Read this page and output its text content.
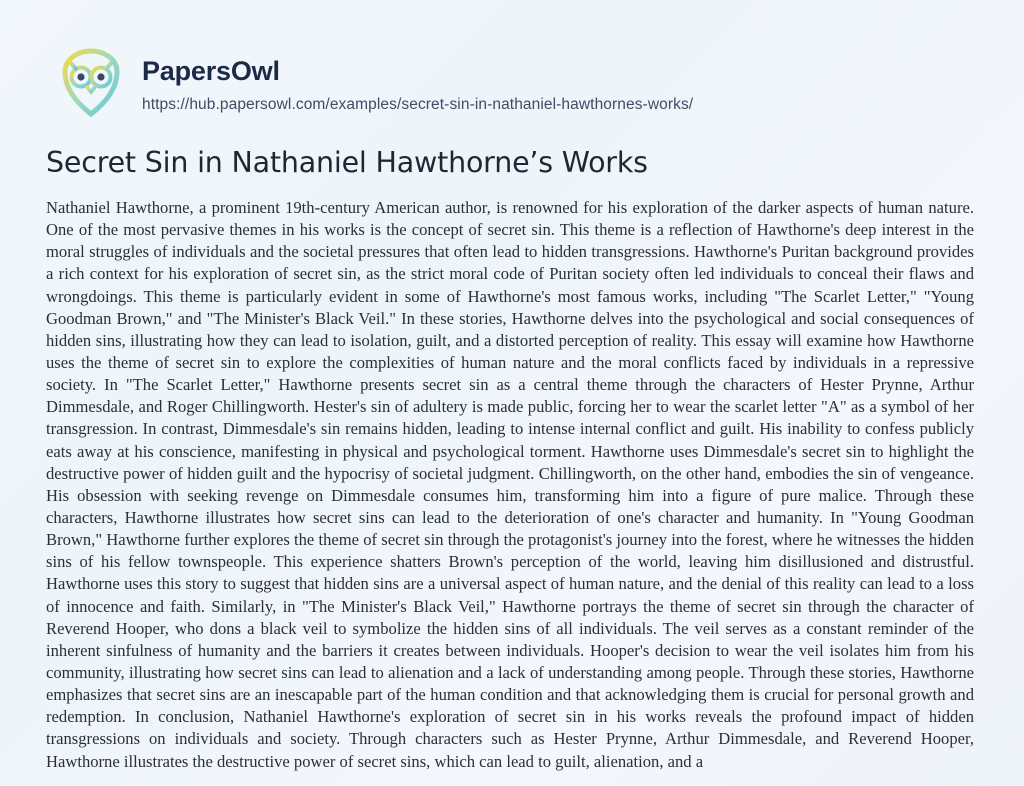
PapersOwl
https://hub.papersowl.com/examples/secret-sin-in-nathaniel-hawthornes-works/
Secret Sin in Nathaniel Hawthorne’s Works

Nathaniel Hawthorne, a prominent 19th-century American author, is renowned for his exploration of the darker aspects of human nature. One of the most pervasive themes in his works is the concept of secret sin. This theme is a reflection of Hawthorne's deep interest in the moral struggles of individuals and the societal pressures that often lead to hidden transgressions. Hawthorne's Puritan background provides a rich context for his exploration of secret sin, as the strict moral code of Puritan society often led individuals to conceal their flaws and wrongdoings. This theme is particularly evident in some of Hawthorne's most famous works, including "The Scarlet Letter," "Young Goodman Brown," and "The Minister's Black Veil." In these stories, Hawthorne delves into the psychological and social consequences of hidden sins, illustrating how they can lead to isolation, guilt, and a distorted perception of reality. This essay will examine how Hawthorne uses the theme of secret sin to explore the complexities of human nature and the moral conflicts faced by individuals in a repressive society. In "The Scarlet Letter," Hawthorne presents secret sin as a central theme through the characters of Hester Prynne, Arthur Dimmesdale, and Roger Chillingworth. Hester's sin of adultery is made public, forcing her to wear the scarlet letter "A" as a symbol of her transgression. In contrast, Dimmesdale's sin remains hidden, leading to intense internal conflict and guilt. His inability to confess publicly eats away at his conscience, manifesting in physical and psychological torment. Hawthorne uses Dimmesdale's secret sin to highlight the destructive power of hidden guilt and the hypocrisy of societal judgment. Chillingworth, on the other hand, embodies the sin of vengeance. His obsession with seeking revenge on Dimmesdale consumes him, transforming him into a figure of pure malice. Through these characters, Hawthorne illustrates how secret sins can lead to the deterioration of one's character and humanity. In "Young Goodman Brown," Hawthorne further explores the theme of secret sin through the protagonist's journey into the forest, where he witnesses the hidden sins of his fellow townspeople. This experience shatters Brown's perception of the world, leaving him disillusioned and distrustful. Hawthorne uses this story to suggest that hidden sins are a universal aspect of human nature, and the denial of this reality can lead to a loss of innocence and faith. Similarly, in "The Minister's Black Veil," Hawthorne portrays the theme of secret sin through the character of Reverend Hooper, who dons a black veil to symbolize the hidden sins of all individuals. The veil serves as a constant reminder of the inherent sinfulness of humanity and the barriers it creates between individuals. Hooper's decision to wear the veil isolates him from his community, illustrating how secret sins can lead to alienation and a lack of understanding among people. Through these stories, Hawthorne emphasizes that secret sins are an inescapable part of the human condition and that acknowledging them is crucial for personal growth and redemption. In conclusion, Nathaniel Hawthorne's exploration of secret sin in his works reveals the profound impact of hidden transgressions on individuals and society. Through characters such as Hester Prynne, Arthur Dimmesdale, and Reverend Hooper, Hawthorne illustrates the destructive power of secret sins, which can lead to guilt, alienation, and a
